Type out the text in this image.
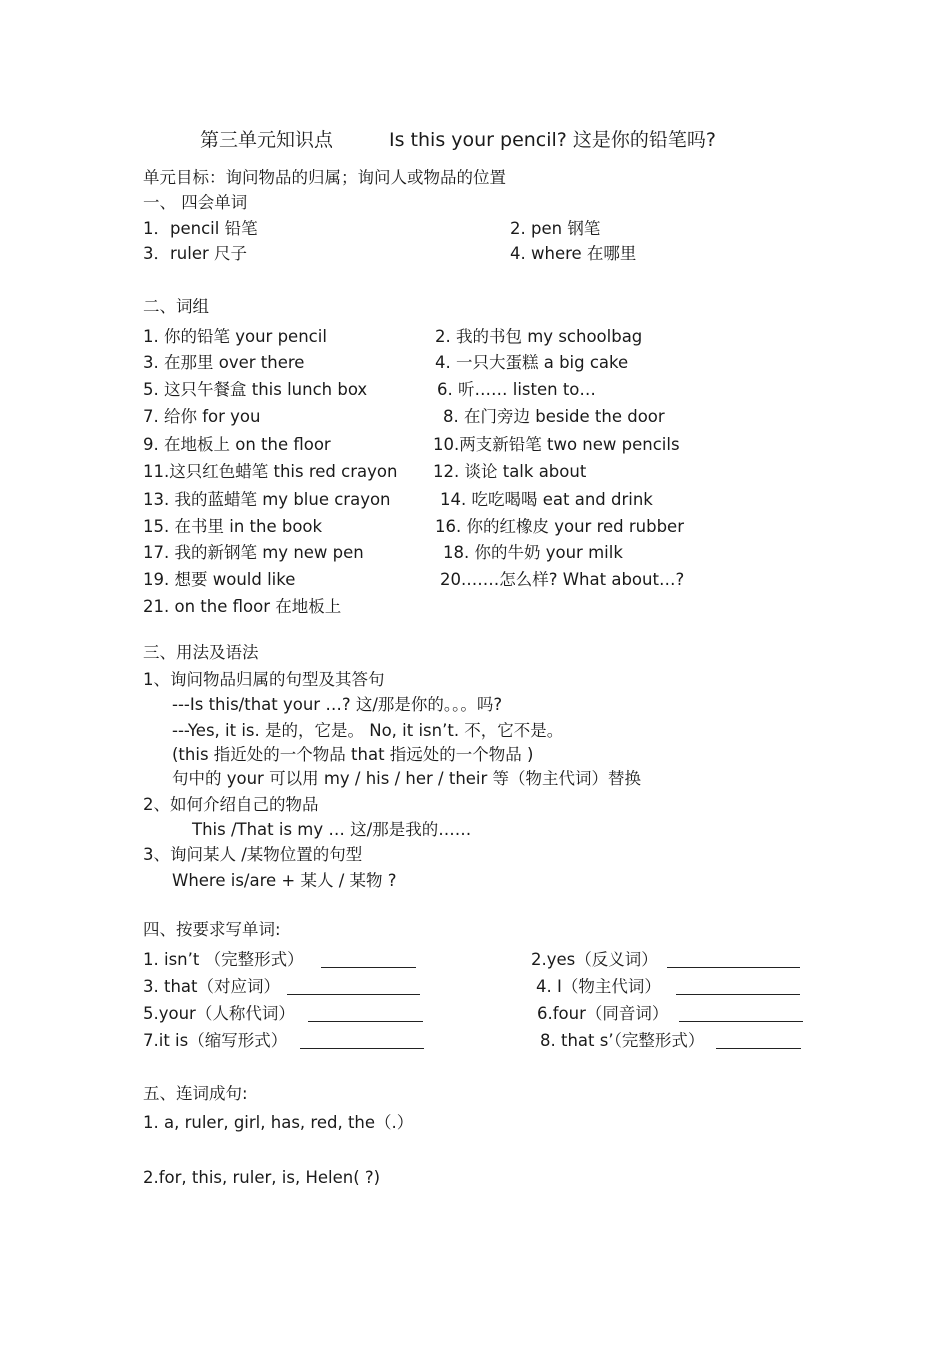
第三单元知识点	Is this your pencil? 这是你的铅笔吗?
单元目标：询问物品的归属；询问人或物品的位置
一、 四会单词
1．pencil 铅笔	2. pen 钢笔
3．ruler 尺子	4. where 在哪里
二、词组
1. 你的铅笔 your pencil	2. 我的书包 my schoolbag
3. 在那里 over there	4. 一只大蛋糕 a big cake
5. 这只午餐盒 this lunch box	6. 听…… listen to…
7. 给你 for you	8. 在门旁边 beside the door
9. 在地板上 on the floor	10.两支新铅笔 two new pencils
11.这只红色蜡笔 this red crayon 12. 谈论 talk about
13. 我的蓝蜡笔 my blue crayon	14. 吃吃喝喝 eat and drink
15. 在书里 in the book	16. 你的红橡皮 your red rubber
17. 我的新钢笔 my new pen	18. 你的牛奶 your milk
19. 想要 would like	20.……怎么样? What about…?
21. on the floor 在地板上
三、用法及语法
1、询问物品归属的句型及其答句
---Is this/that your …? 这/那是你的。。。吗?
---Yes, it is. 是的，它是。 No, it isn’t. 不，它不是。
(this 指近处的一个物品 that 指远处的一个物品 )
句中的 your 可以用 my / his / her / their 等（物主代词）替换
2、如何介绍自己的物品
This /That is my … 这/那是我的……
3、询问某人 /某物位置的句型
Where is/are + 某人 / 某物 ?
四、按要求写单词:
1. isn’t （完整形式）	2.yes（反义词）
3. that（对应词）	4. I（物主代词）
5.your（人称代词）	6.four（同音词）
7.it is（缩写形式）	8. that s’（完整形式）
五、连词成句:
1. a, ruler, girl, has, red, the（.）
2.for, this, ruler, is, Helen( ?)
